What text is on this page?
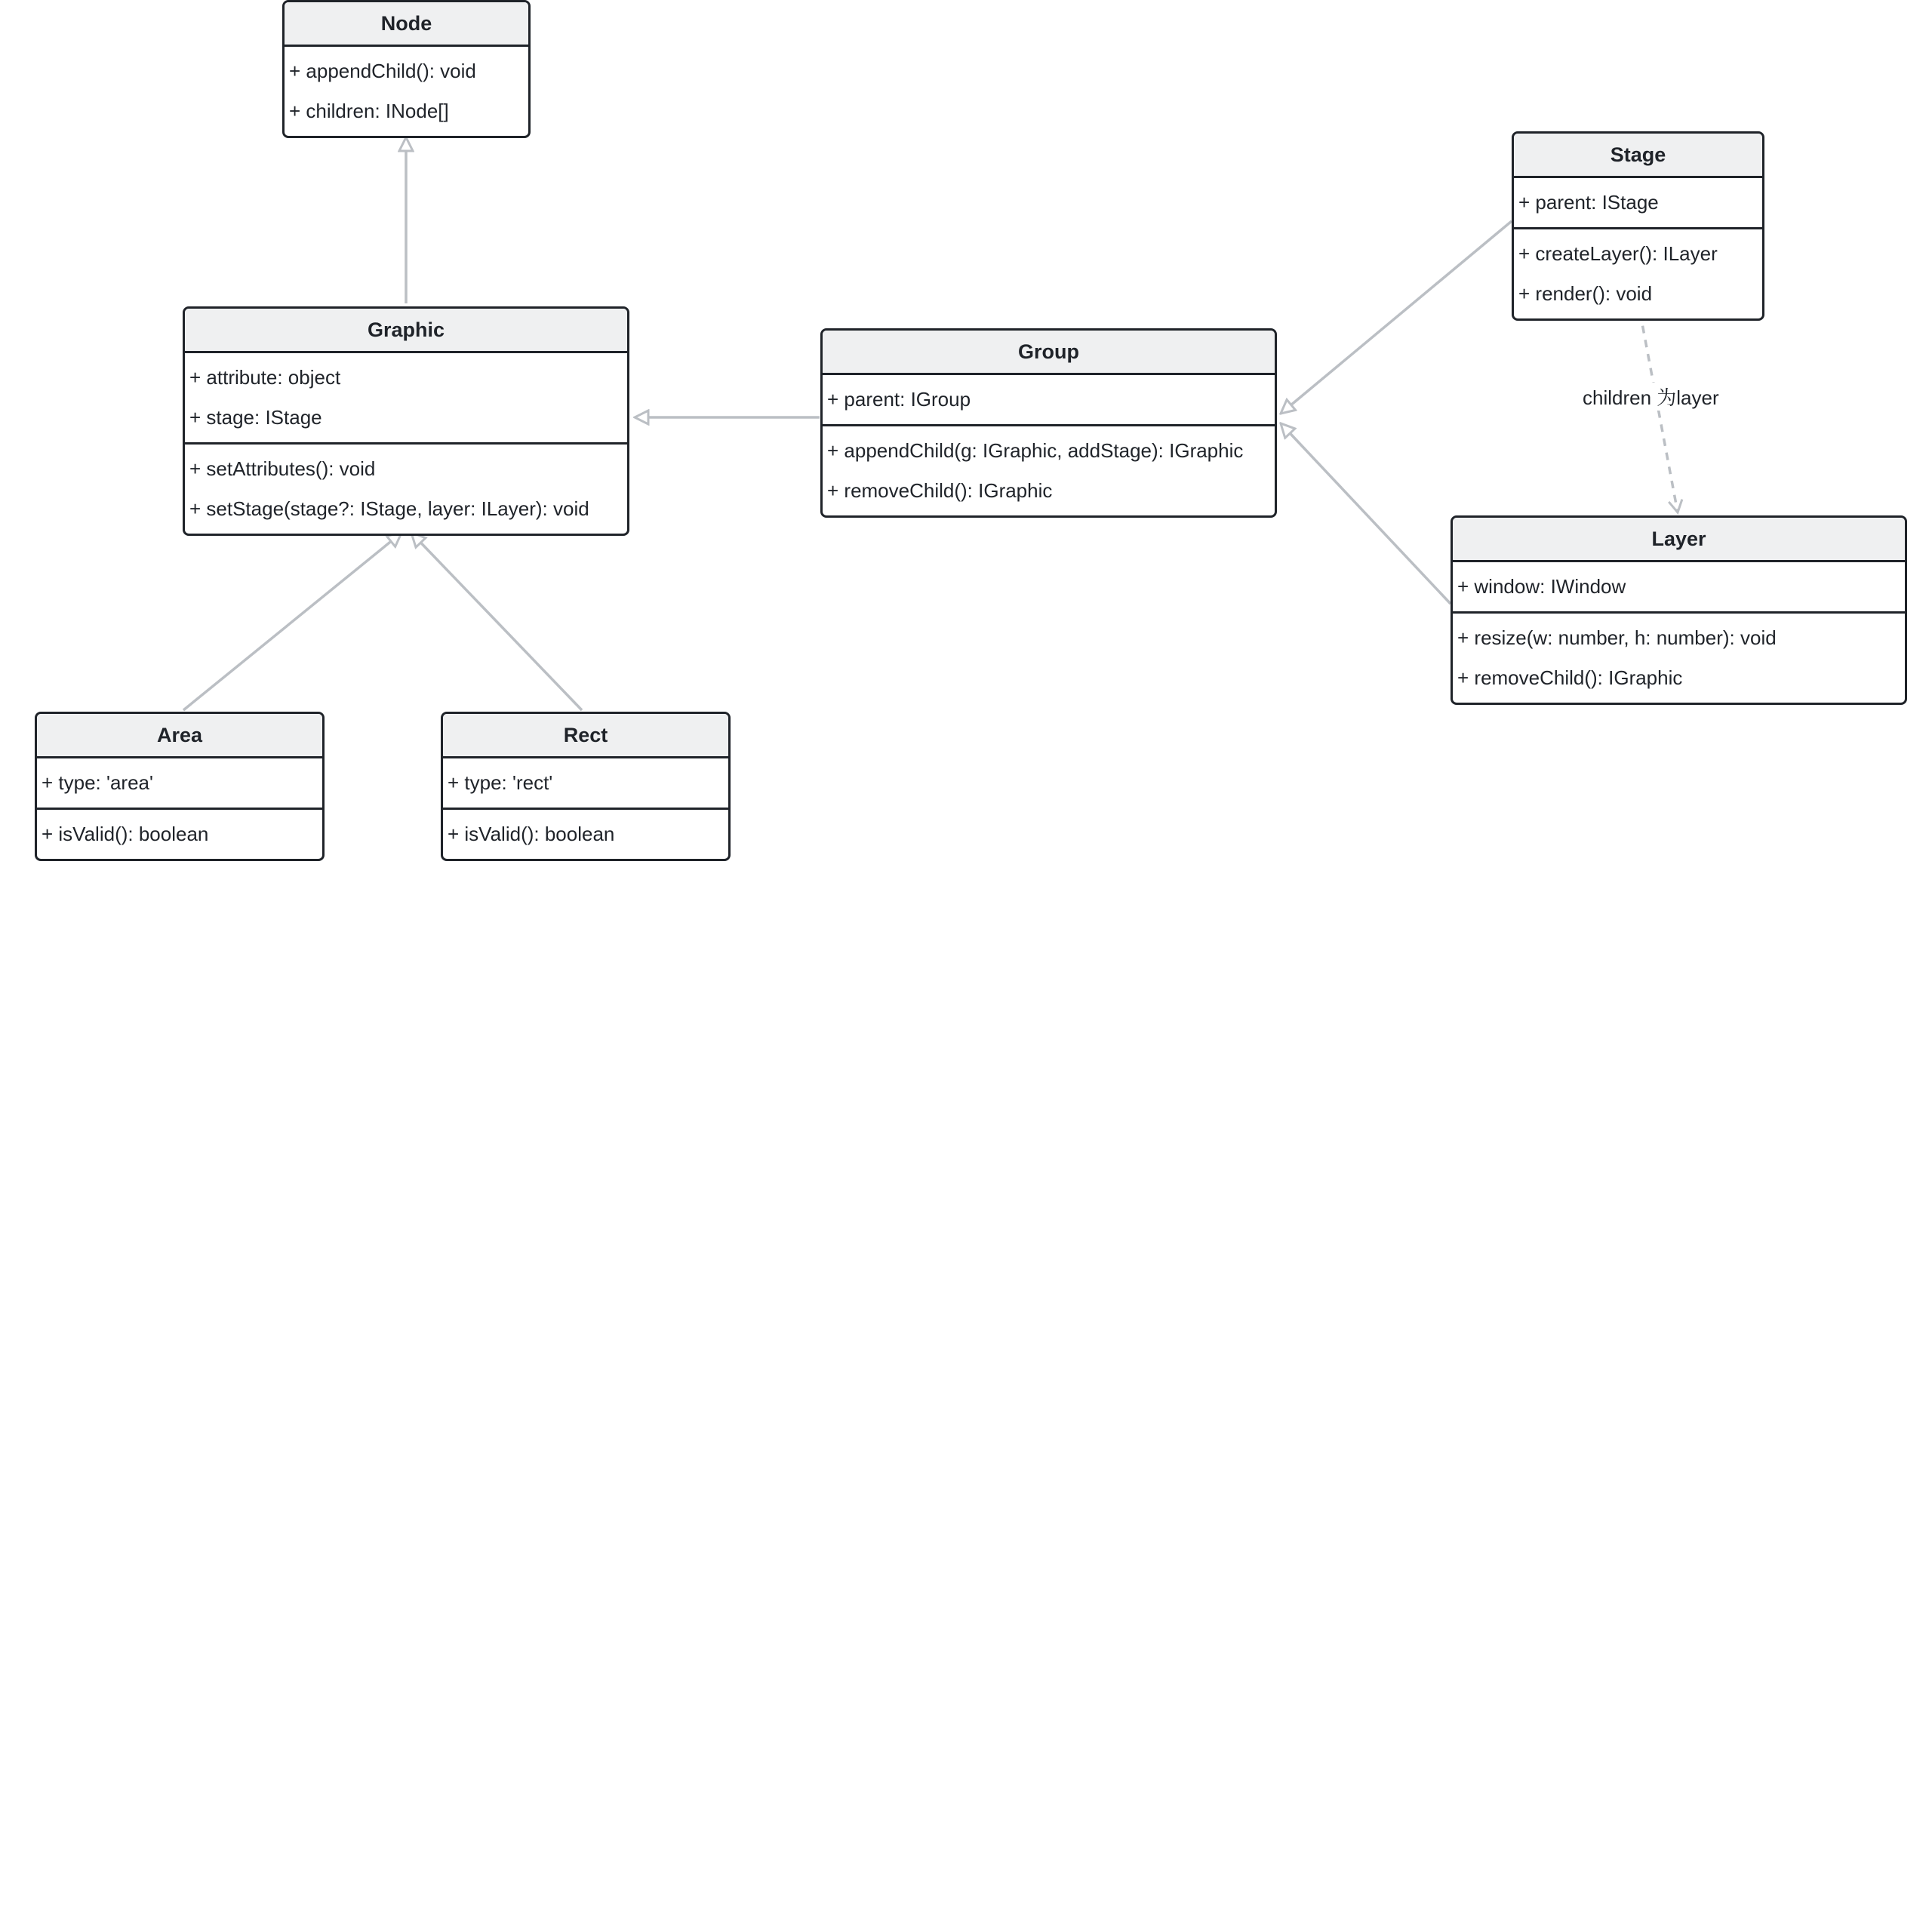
children 为layer
Node
+ appendChild(): void
+ children: INode[]
Graphic
+ attribute: object
+ stage: IStage
+ setAttributes(): void
+ setStage(stage?: IStage, layer: ILayer): void
Group
+ parent: IGroup
+ appendChild(g: IGraphic, addStage): IGraphic
+ removeChild(): IGraphic
Stage
+ parent: IStage
+ createLayer(): ILayer
+ render(): void
Layer
+ window: IWindow
+ resize(w: number, h: number): void
+ removeChild(): IGraphic
Area
+ type: 'area'
+ isValid(): boolean
Rect
+ type: 'rect'
+ isValid(): boolean
